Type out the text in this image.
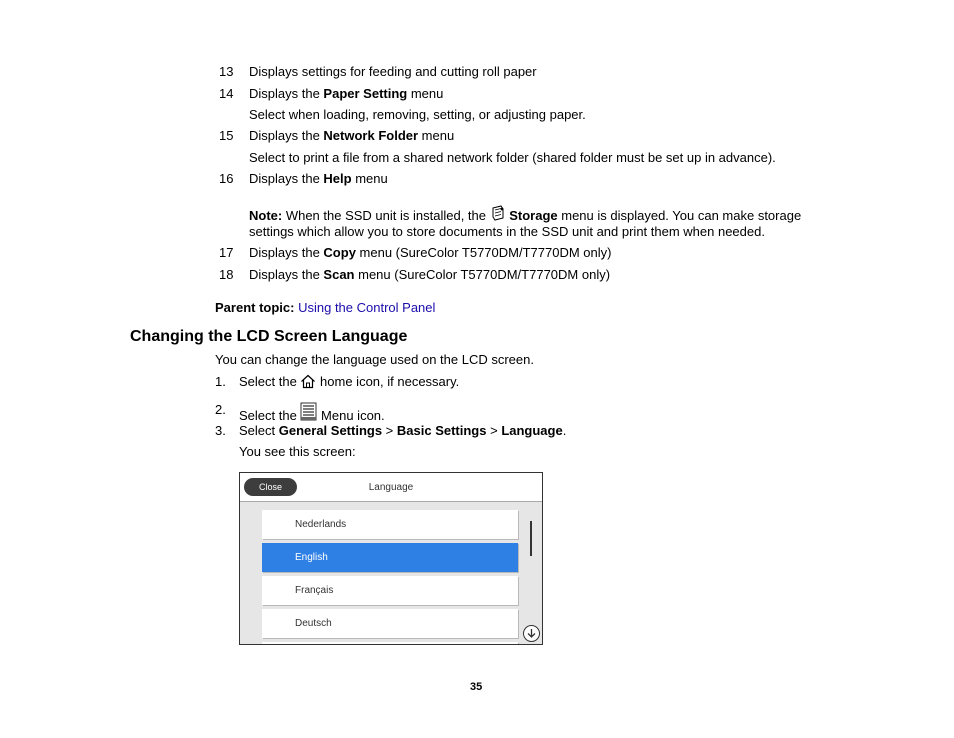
13 Displays settings for feeding and cutting roll paper
14 Displays the Paper Setting menu
Select when loading, removing, setting, or adjusting paper.
15 Displays the Network Folder menu
Select to print a file from a shared network folder (shared folder must be set up in advance).
16 Displays the Help menu
Note: When the SSD unit is installed, the  Storage menu is displayed. You can make storage
settings which allow you to store documents in the SSD unit and print them when needed.
17 Displays the Copy menu (SureColor T5770DM/T7770DM only)
18 Displays the Scan menu (SureColor T5770DM/T7770DM only)
Parent topic: Using the Control Panel
Changing the LCD Screen Language
You can change the language used on the LCD screen.
1. Select the  home icon, if necessary.
2. Select the  Menu icon.
3. Select General Settings > Basic Settings > Language.
You see this screen:
Close	Language
Nederlands
English
Français
Deutsch
35
